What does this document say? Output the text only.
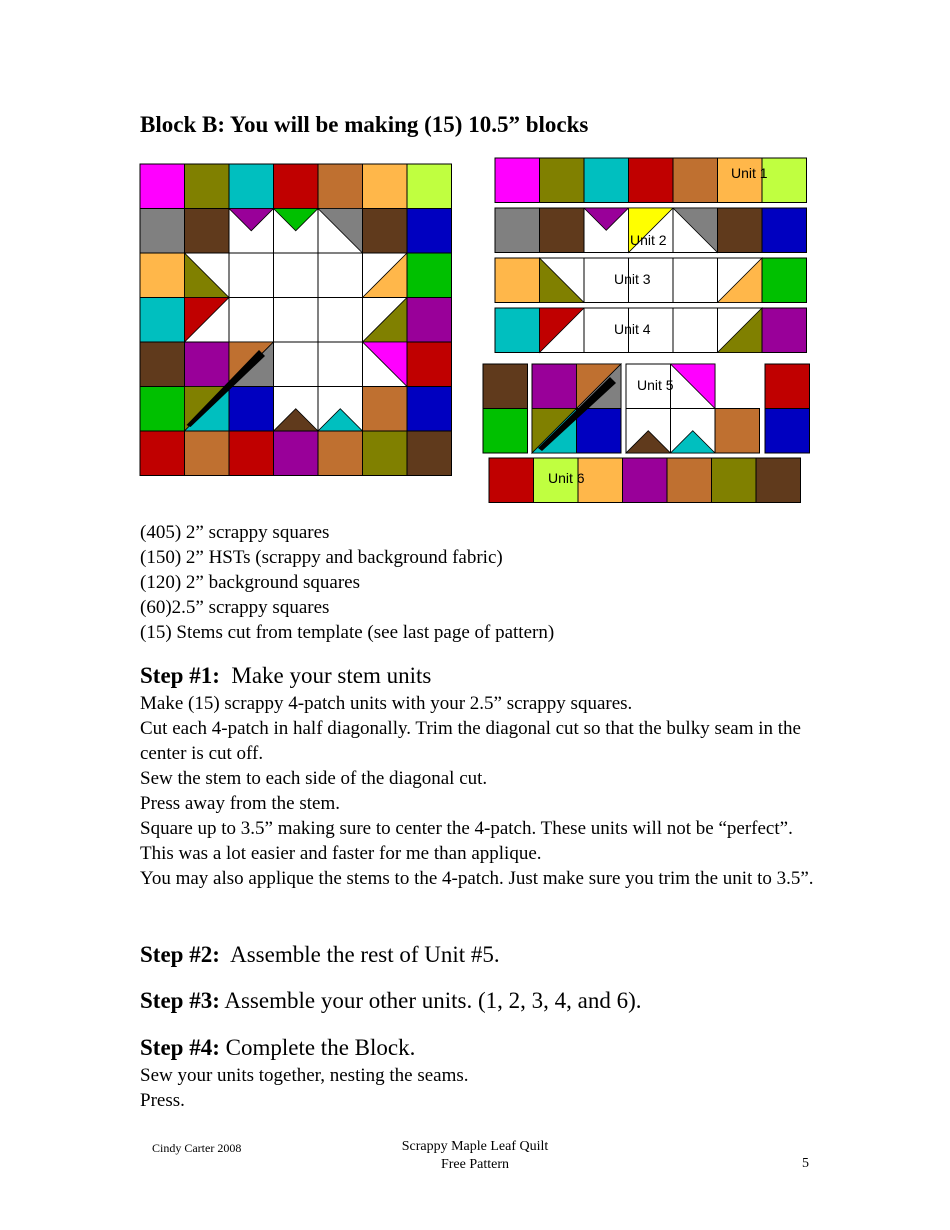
Block B: You will be making (15) 10.5” blocks
Unit 1
Unit 2
Unit 3
Unit 4
Unit 5
Unit 6
(405) 2” scrappy squares
(150) 2” HSTs (scrappy and background fabric)
(120) 2” background squares
(60)2.5” scrappy squares
(15) Stems cut from template (see last page of pattern)
Step #1: Make your stem units

Make (15) scrappy 4-patch units with your 2.5” scrappy squares.

Cut each 4-patch in half diagonally. Trim the diagonal cut so that the bulky seam in the center is cut off.

Sew the stem to each side of the diagonal cut.

Press away from the stem.

Square up to 3.5” making sure to center the 4-patch. These units will not be “perfect”. This was a lot easier and faster for me than applique.

You may also applique the stems to the 4-patch. Just make sure you trim the unit to 3.5”.

Step #2: Assemble the rest of Unit #5.
Step #3: Assemble your other units. (1, 2, 3, 4, and 6).
Step #4: Complete the Block.

Sew your units together, nesting the seams.

Press.

Cindy Carter 2008	Scrappy Maple Leaf Quilt
Free Pattern	5
